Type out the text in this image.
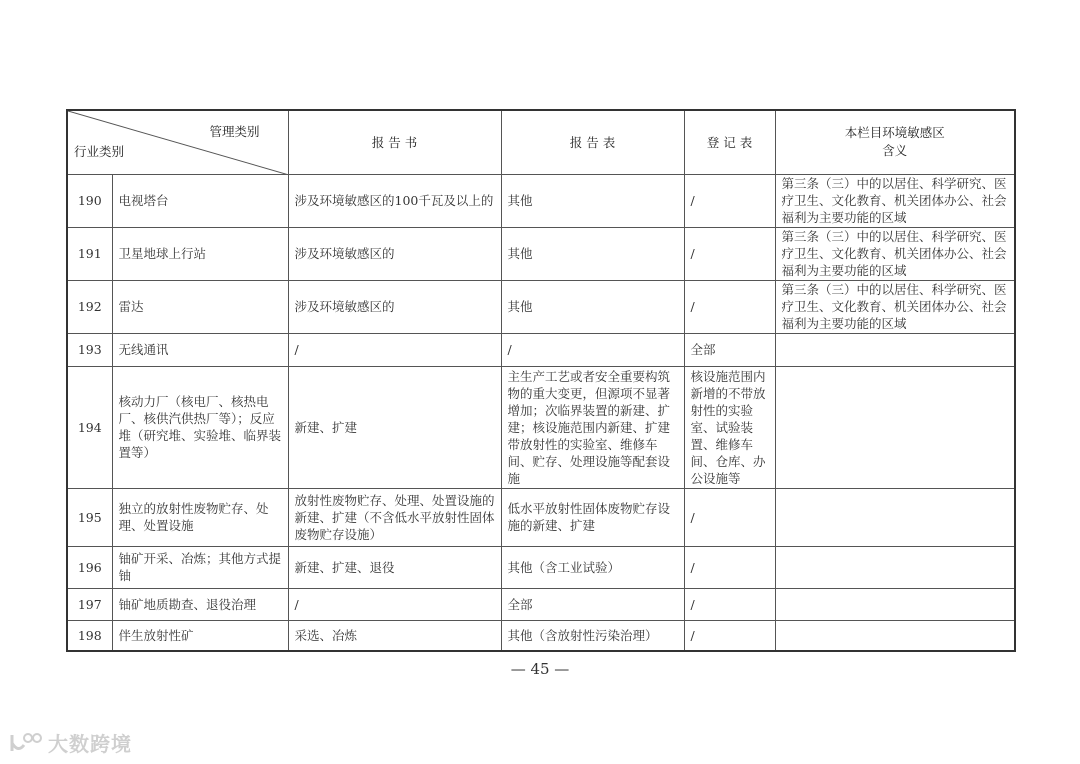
管理类别
行业类别
	报 告 书	报 告 表	登 记 表	
本栏目环境敏感区
含义

190	电视塔台	涉及环境敏感区的100千瓦及以上的	其他	/	第三条（三）中的以居住、科学研究、医疗卫生、文化教育、机关团体办公、社会福利为主要功能的区域
191	卫星地球上行站	涉及环境敏感区的	其他	/	第三条（三）中的以居住、科学研究、医疗卫生、文化教育、机关团体办公、社会福利为主要功能的区域
192	雷达	涉及环境敏感区的	其他	/	第三条（三）中的以居住、科学研究、医疗卫生、文化教育、机关团体办公、社会福利为主要功能的区域
193	无线通讯	/	/	全部	
194	核动力厂（核电厂、核热电厂、核供汽供热厂等）；反应堆（研究堆、实验堆、临界装置等）	新建、扩建	主生产工艺或者安全重要构筑物的重大变更，但源项不显著增加；次临界装置的新建、扩建；核设施范围内新建、扩建带放射性的实验室、维修车间、贮存、处理设施等配套设施	核设施范围内新增的不带放射性的实验室、试验装置、维修车间、仓库、办公设施等	
195	独立的放射性废物贮存、处理、处置设施	放射性废物贮存、处理、处置设施的新建、扩建（不含低水平放射性固体废物贮存设施）	低水平放射性固体废物贮存设施的新建、扩建	/	
196	铀矿开采、冶炼；其他方式提铀	新建、扩建、退役	其他（含工业试验）	/	
197	铀矿地质勘查、退役治理	/	全部	/	
198	伴生放射性矿	采选、冶炼	其他（含放射性污染治理）	/	
— 45 —
大数跨境
